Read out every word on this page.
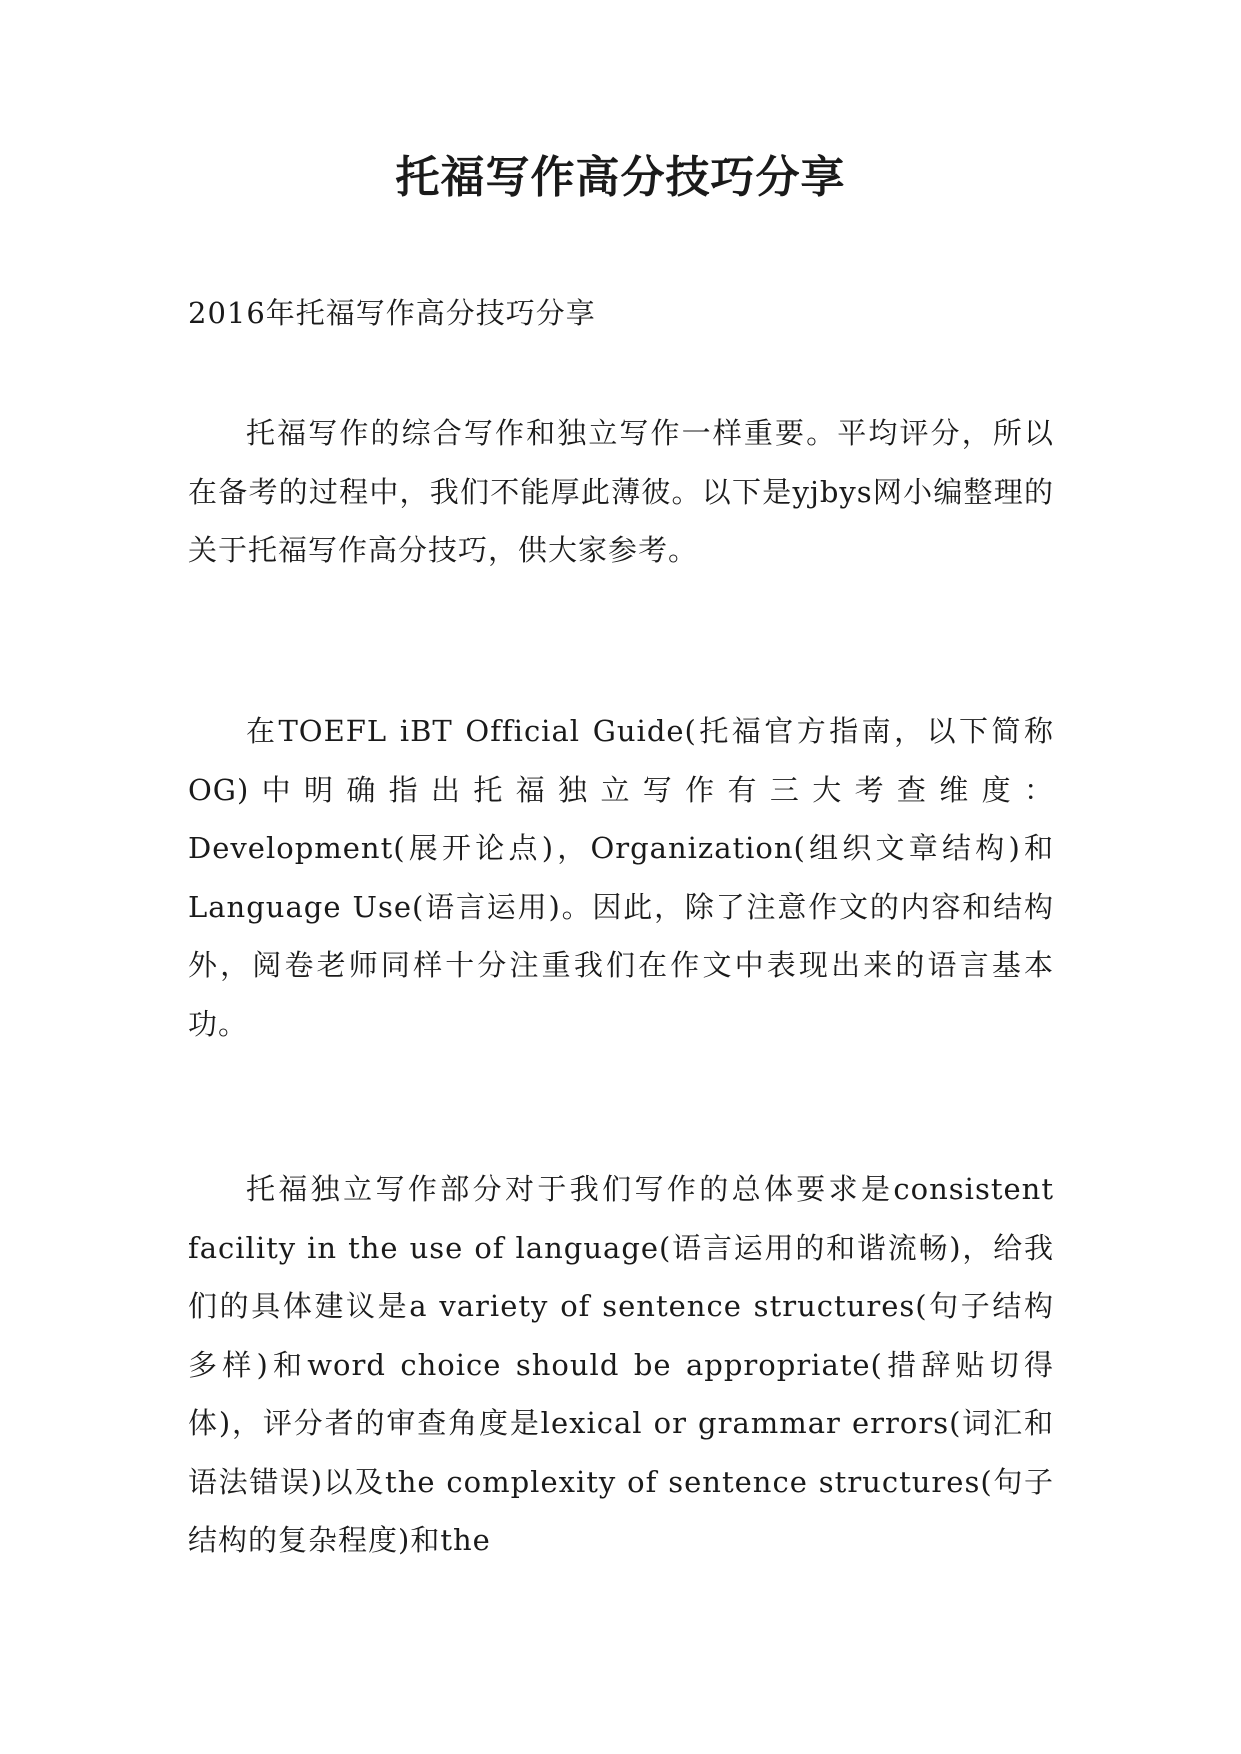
托福写作高分技巧分享

2016年托福写作高分技巧分享

托福写作的综合写作和独立写作一样重要。平均评分，所以在备考的过程中，我们不能厚此薄彼。以下是yjbys网小编整理的关于托福写作高分技巧，供大家参考。

在TOEFL iBT Official Guide(托福官方指南，以下简称OG)中明确指出托福独立写作有三大考查维度：Development(展开论点)，Organization(组织文章结构)和Language Use(语言运用)。因此，除了注意作文的内容和结构外，阅卷老师同样十分注重我们在作文中表现出来的语言基本功。

托福独立写作部分对于我们写作的总体要求是consistent facility in the use of language(语言运用的和谐流畅)，给我们的具体建议是a variety of sentence structures(句子结构多样)和word choice should be appropriate(措辞贴切得体)，评分者的审查角度是lexical or grammar errors(词汇和语法错误)以及the complexity of sentence structures(句子结构的复杂程度)和the
